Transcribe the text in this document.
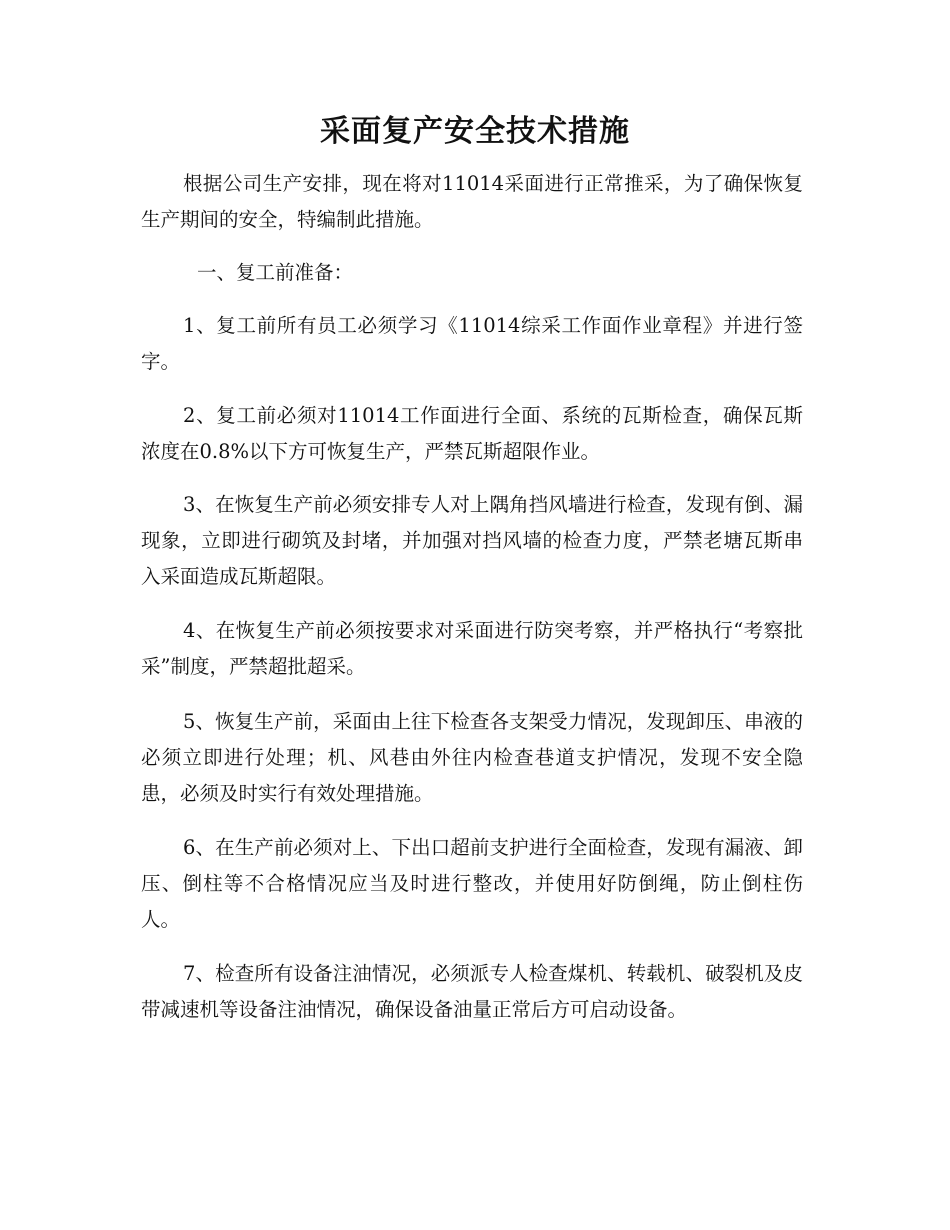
采面复产安全技术措施

根据公司生产安排，现在将对11014采面进行正常推采，为了确保恢复生产期间的安全，特编制此措施。

一、复工前准备：

1、复工前所有员工必须学习《11014综采工作面作业章程》并进行签字。

2、复工前必须对11014工作面进行全面、系统的瓦斯检查，确保瓦斯浓度在0.8%以下方可恢复生产，严禁瓦斯超限作业。

3、在恢复生产前必须安排专人对上隅角挡风墙进行检查，发现有倒、漏现象，立即进行砌筑及封堵，并加强对挡风墙的检查力度，严禁老塘瓦斯串入采面造成瓦斯超限。

4、在恢复生产前必须按要求对采面进行防突考察，并严格执行“考察批采”制度，严禁超批超采。

5、恢复生产前，采面由上往下检查各支架受力情况，发现卸压、串液的必须立即进行处理；机、风巷由外往内检查巷道支护情况，发现不安全隐患，必须及时实行有效处理措施。

6、在生产前必须对上、下出口超前支护进行全面检查，发现有漏液、卸压、倒柱等不合格情况应当及时进行整改，并使用好防倒绳，防止倒柱伤人。

7、检查所有设备注油情况，必须派专人检查煤机、转载机、破裂机及皮带减速机等设备注油情况，确保设备油量正常后方可启动设备。
